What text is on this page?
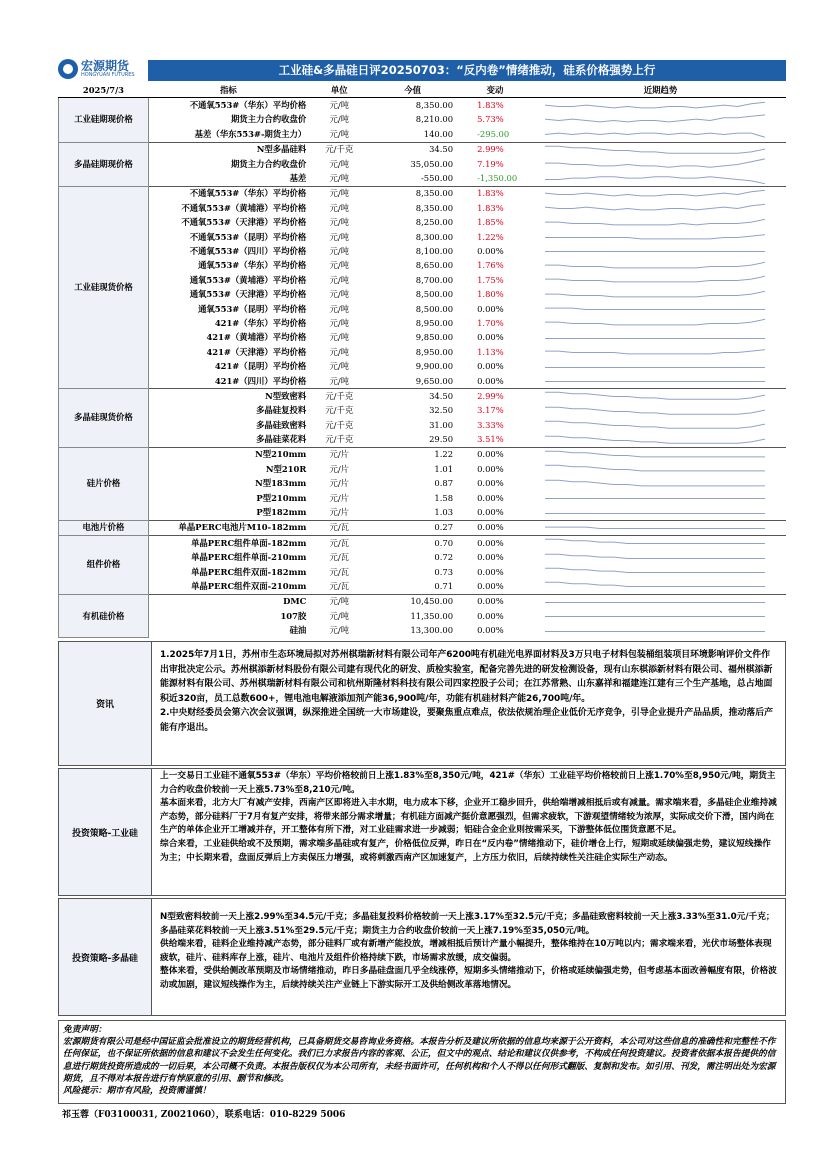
宏源期货
HONGYUAN FUTURES	工业硅&多晶硅日评20250703：“反内卷”情绪推动，硅系价格强势上行
2025/7/3	指标	单位	今值	变动	近期趋势
工业硅期现价格	不通氧553#（华东）平均价格	元/吨	8,350.00	1.83%	

	期货主力合约收盘价	元/吨	8,210.00	5.73%	

	基差（华东553#-期货主力）	元/吨	140.00	-295.00	

多晶硅期现价格	N型多晶硅料	元/千克	34.50	2.99%	

	期货主力合约收盘价	元/吨	35,050.00	7.19%	

	基差	元/吨	-550.00	-1,350.00	

工业硅现货价格	不通氧553#（华东）平均价格	元/吨	8,350.00	1.83%	

	不通氧553#（黄埔港）平均价格	元/吨	8,350.00	1.83%	

	不通氧553#（天津港）平均价格	元/吨	8,250.00	1.85%	

	不通氧553#（昆明）平均价格	元/吨	8,300.00	1.22%	

	不通氧553#（四川）平均价格	元/吨	8,100.00	0.00%	

	通氧553#（华东）平均价格	元/吨	8,650.00	1.76%	

	通氧553#（黄埔港）平均价格	元/吨	8,700.00	1.75%	

	通氧553#（天津港）平均价格	元/吨	8,500.00	1.80%	

	通氧553#（昆明）平均价格	元/吨	8,500.00	0.00%	

	421#（华东）平均价格	元/吨	8,950.00	1.70%	

	421#（黄埔港）平均价格	元/吨	9,850.00	0.00%	

	421#（天津港）平均价格	元/吨	8,950.00	1.13%	

	421#（昆明）平均价格	元/吨	9,900.00	0.00%	

	421#（四川）平均价格	元/吨	9,650.00	0.00%	

多晶硅现货价格	N型致密料	元/千克	34.50	2.99%	

	多晶硅复投料	元/千克	32.50	3.17%	

	多晶硅致密料	元/千克	31.00	3.33%	

	多晶硅菜花料	元/千克	29.50	3.51%	

硅片价格	N型210mm	元/片	1.22	0.00%	

	N型210R	元/片	1.01	0.00%	

	N型183mm	元/片	0.87	0.00%	

	P型210mm	元/片	1.58	0.00%	

	P型182mm	元/片	1.03	0.00%	

电池片价格	单晶PERC电池片M10-182mm	元/瓦	0.27	0.00%	

组件价格	单晶PERC组件单面-182mm	元/瓦	0.70	0.00%	

	单晶PERC组件单面-210mm	元/瓦	0.72	0.00%	

	单晶PERC组件双面-182mm	元/瓦	0.73	0.00%	

	单晶PERC组件双面-210mm	元/瓦	0.71	0.00%	

有机硅价格	DMC	元/吨	10,450.00	0.00%	

	107胶	元/吨	11,350.00	0.00%	

	硅油	元/吨	13,300.00	0.00%	
资讯	
1.2025年7月1日，苏州市生态环境局拟对苏州棋瑞新材料有限公司年产6200吨有机硅光电界面材料及3万只电子材料包装桶组装项目环境影响评价文件作出审批决定公示。苏州棋添新材料股份有限公司建有现代化的研发、质检实验室，配备完善先进的研发检测设备，现有山东棋添新材料有限公司、福州棋添新能源材料有限公司、苏州棋瑞新材料有限公司和杭州斯隆材料科技有限公司四家控股子公司；在江苏常熟、山东嘉祥和福建连江建有三个生产基地，总占地面积近320亩，员工总数600+，锂电池电解液添加剂产能36,900吨/年，功能有机硅材料产能26,700吨/年。
2.中央财经委员会第六次会议强调，纵深推进全国统一大市场建设，要聚焦重点难点，依法依规治理企业低价无序竞争，引导企业提升产品品质，推动落后产能有序退出。
投资策略-工业硅	
上一交易日工业硅不通氧553#（华东）平均价格较前日上涨1.83%至8,350元/吨，421#（华东）工业硅平均价格较前日上涨1.70%至8,950元/吨，期货主力合约收盘价较前一天上涨5.73%至8,210元/吨。
基本面来看，北方大厂有减产安排，西南产区即将进入丰水期，电力成本下移，企业开工稳步回升，供给端增减相抵后或有减量。需求端来看，多晶硅企业维持减产态势，部分硅料厂于7月有复产安排，将带来部分需求增量；有机硅方面减产挺价意愿强烈，但需求疲软，下游观望情绪较为浓厚，实际成交价下滑，国内尚在生产的单体企业开工增减并存，开工整体有所下滑，对工业硅需求进一步减弱；铝硅合金企业则按需采买，下游整体低位围货意愿不足。
综合来看，工业硅供给或不及预期，需求端多晶硅或有复产，价格低位反弹，昨日在“反内卷”情绪推动下，硅价增仓上行，短期或延续偏强走势，建议短线操作为主；中长期来看，盘面反弹后上方卖保压力增强，或将刺激西南产区加速复产，上方压力依旧，后续持续性关注硅企实际生产动态。
投资策略-多晶硅	
N型致密料较前一天上涨2.99%至34.5元/千克；多晶硅复投料价格较前一天上涨3.17%至32.5元/千克；多晶硅致密料较前一天上涨3.33%至31.0元/千克；多晶硅菜花料较前一天上涨3.51%至29.5元/千克；期货主力合约收盘价较前一天上涨7.19%至35,050元/吨。
供给端来看，硅料企业维持减产态势，部分硅料厂或有新增产能投放，增减相抵后预计产量小幅提升，整体维持在10万吨以内；需求端来看，光伏市场整体表现疲软，硅片、硅料库存上涨，硅片、电池片及组件价格持续下跌，市场需求放缓，成交偏弱。
整体来看，受供给侧改革预期及市场情绪推动，昨日多晶硅盘面几乎全线涨停，短期多头情绪推动下，价格或延续偏强走势，但考虑基本面改善幅度有限，价格波动或加剧，建议短线操作为主，后续持续关注产业链上下游实际开工及供给侧改革落地情况。
免责声明：
宏源期货有限公司是经中国证监会批准设立的期货经营机构，已具备期货交易咨询业务资格。本报告分析及建议所依据的信息均来源于公开资料，本公司对这些信息的准确性和完整性不作任何保证，也不保证所依据的信息和建议不会发生任何变化。我们已力求报告内容的客观、公正，但文中的观点、结论和建议仅供参考，不构成任何投资建议。投资者依据本报告提供的信息进行期货投资所造成的一切后果，本公司概不负责。本报告版权仅为本公司所有，未经书面许可，任何机构和个人不得以任何形式翻版、复制和发布。如引用、刊发，需注明出处为宏源期货，且不得对本报告进行有悖原意的引用、删节和修改。
风险提示：期市有风险，投资需谨慎！
祁玉蓉（F03100031, Z0021060），联系电话：010-8229 5006
